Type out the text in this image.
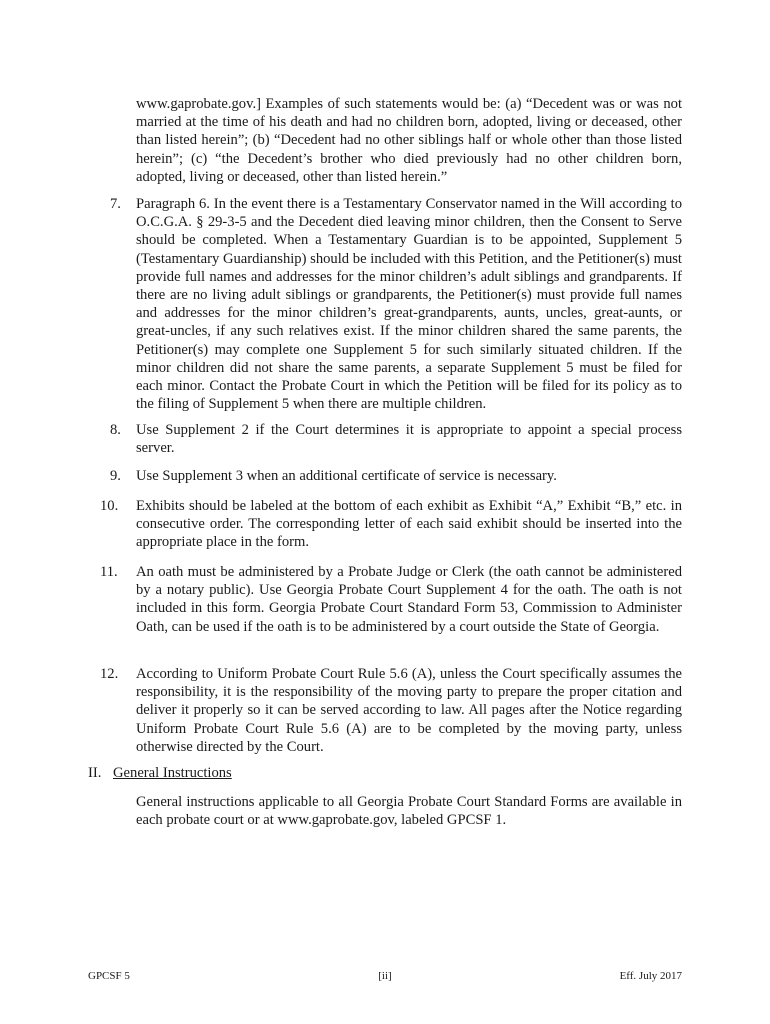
www.gaprobate.gov.] Examples of such statements would be: (a) “Decedent was or was not married at the time of his death and had no children born, adopted, living or deceased, other than listed herein”; (b) “Decedent had no other siblings half or whole other than those listed herein”; (c) “the Decedent’s brother who died previously had no other children born, adopted, living or deceased, other than listed herein.”

7.	Paragraph 6. In the event there is a Testamentary Conservator named in the Will according to O.C.G.A. § 29-3-5 and the Decedent died leaving minor children, then the Consent to Serve should be completed. When a Testamentary Guardian is to be appointed, Supplement 5 (Testamentary Guardianship) should be included with this Petition, and the Petitioner(s) must provide full names and addresses for the minor children’s adult siblings and grandparents. If there are no living adult siblings or grandparents, the Petitioner(s) must provide full names and addresses for the minor children’s great-grandparents, aunts, uncles, great-aunts, or great-uncles, if any such relatives exist. If the minor children shared the same parents, the Petitioner(s) may complete one Supplement 5 for such similarly situated children. If the minor children did not share the same parents, a separate Supplement 5 must be filed for each minor. Contact the Probate Court in which the Petition will be filed for its policy as to the filing of Supplement 5 when there are multiple children.
8.	Use Supplement 2 if the Court determines it is appropriate to appoint a special process server.
9.	Use Supplement 3 when an additional certificate of service is necessary.
10.	Exhibits should be labeled at the bottom of each exhibit as Exhibit “A,” Exhibit “B,” etc. in consecutive order. The corresponding letter of each said exhibit should be inserted into the appropriate place in the form.
11.	An oath must be administered by a Probate Judge or Clerk (the oath cannot be administered by a notary public). Use Georgia Probate Court Supplement 4 for the oath. The oath is not included in this form. Georgia Probate Court Standard Form 53, Commission to Administer Oath, can be used if the oath is to be administered by a court outside the State of Georgia.
12.	According to Uniform Probate Court Rule 5.6 (A), unless the Court specifically assumes the responsibility, it is the responsibility of the moving party to prepare the proper citation and deliver it properly so it can be served according to law. All pages after the Notice regarding Uniform Probate Court Rule 5.6 (A) are to be completed by the moving party, unless otherwise directed by the Court.
II. General Instructions

General instructions applicable to all Georgia Probate Court Standard Forms are available in each probate court or at www.gaprobate.gov, labeled GPCSF 1.

GPCSF 5	[ii]	Eff. July 2017
